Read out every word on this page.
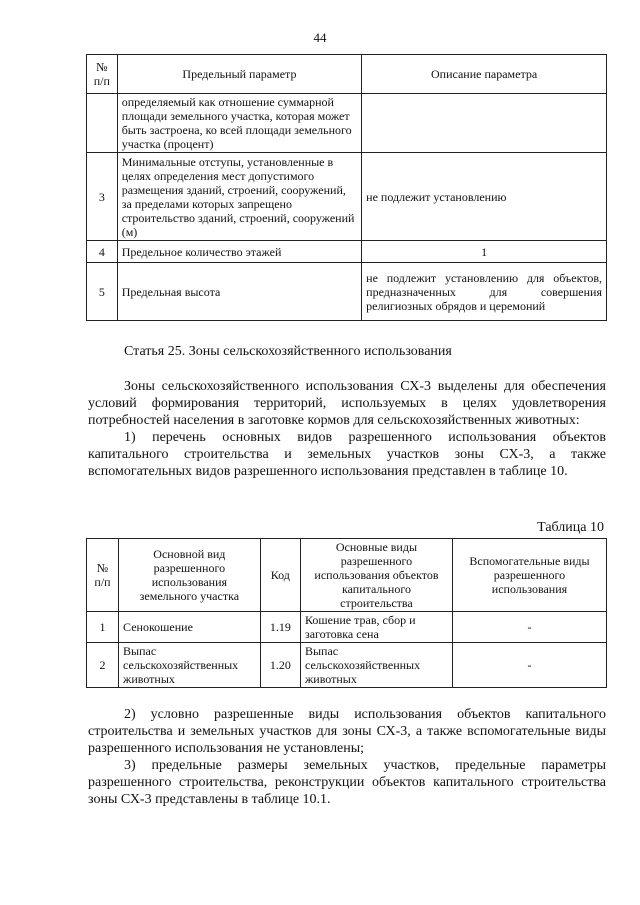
44
№ п/п	Предельный параметр	Описание параметра
	определяемый как отношение суммарной площади земельного участка, которая может быть застроена, ко всей площади земельного участка (процент)	
3	Минимальные отступы, установленные в целях определения мест допустимого размещения зданий, строений, сооружений, за пределами которых запрещено строительство зданий, строений, сооружений (м)	не подлежит установлению
4	Предельное количество этажей	1
5	Предельная высота	не подлежит установлению для объектов, предназначенных для совершения религиозных обрядов и церемоний
Статья 25. Зоны сельскохозяйственного использования

Зоны сельскохозяйственного использования СХ-3 выделены для обеспечения условий формирования территорий, используемых в целях удовлетворения потребностей населения в заготовке кормов для сельскохозяйственных животных:

1) перечень основных видов разрешенного использования объектов капитального строительства и земельных участков зоны СХ-3, а также вспомогательных видов разрешенного использования представлен в таблице 10.

Таблица 10
№ п/п	Основной вид разрешенного использования земельного участка	Код	Основные виды разрешенного использования объектов капитального строительства	Вспомогательные виды разрешенного использования
1	Сенокошение	1.19	Кошение трав, сбор и заготовка сена	-
2	Выпас сельскохозяйственных животных	1.20	Выпас сельскохозяйственных животных	-

2) условно разрешенные виды использования объектов капитального строительства и земельных участков для зоны СХ-3, а также вспомогательные виды разрешенного использования не установлены;

3) предельные размеры земельных участков, предельные параметры разрешенного строительства, реконструкции объектов капитального строительства зоны СХ-3 представлены в таблице 10.1.
